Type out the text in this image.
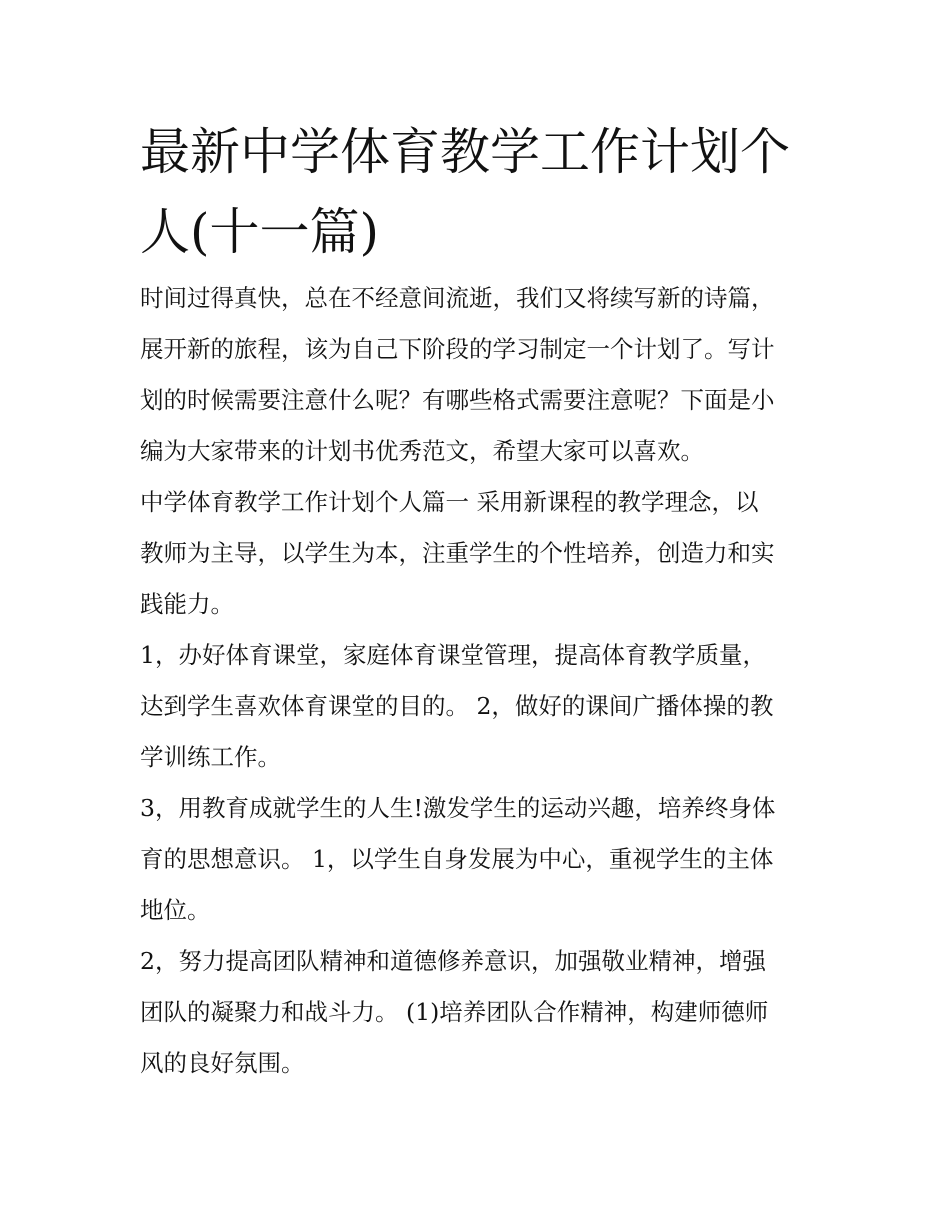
最新中学体育教学工作计划个
人(十一篇)

时间过得真快，总在不经意间流逝，我们又将续写新的诗篇，
展开新的旅程，该为自己下阶段的学习制定一个计划了。写计
划的时候需要注意什么呢？有哪些格式需要注意呢？下面是小
编为大家带来的计划书优秀范文，希望大家可以喜欢。

中学体育教学工作计划个人篇一 采用新课程的教学理念，以
教师为主导，以学生为本，注重学生的个性培养，创造力和实
践能力。

1，办好体育课堂，家庭体育课堂管理，提高体育教学质量，
达到学生喜欢体育课堂的目的。 2，做好的课间广播体操的教
学训练工作。

3，用教育成就学生的人生!激发学生的运动兴趣，培养终身体
育的思想意识。 1，以学生自身发展为中心，重视学生的主体
地位。

2，努力提高团队精神和道德修养意识，加强敬业精神，增强
团队的凝聚力和战斗力。 (1)培养团队合作精神，构建师德师
风的良好氛围。
